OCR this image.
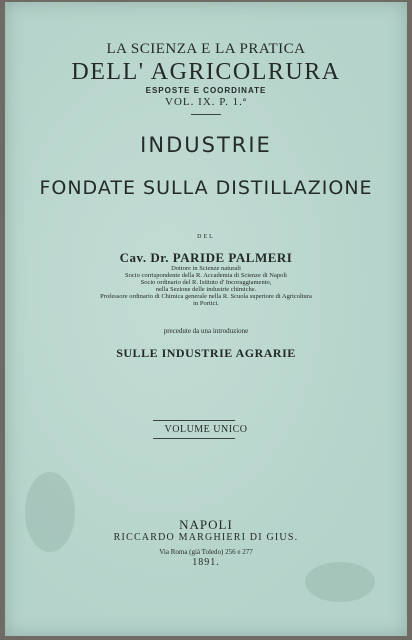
LA SCIENZA E LA PRATICA
DELL' AGRICOLRURA
ESPOSTE E COORDINATE
VOL. IX. P. 1.ª
INDUSTRIE
FONDATE SULLA DISTILLAZIONE
DEL
Cav. Dr. PARIDE PALMERI
Dottore in Scienze naturali
Socio corrispondente della R. Accademia di Scienze di Napoli
Socio ordinario del R. Istituto d' Incoraggiamento,
nella Sezione delle industrie chimiche.
Professore ordinario di Chimica generale nella R. Scuola superiore di Agricoltura
in Portici.
precedute da una introduzione
SULLE INDUSTRIE AGRARIE
VOLUME UNICO
NAPOLI
RICCARDO MARGHIERI DI GIUS.
Via Roma (già Toledo) 256 e 277
1891.
